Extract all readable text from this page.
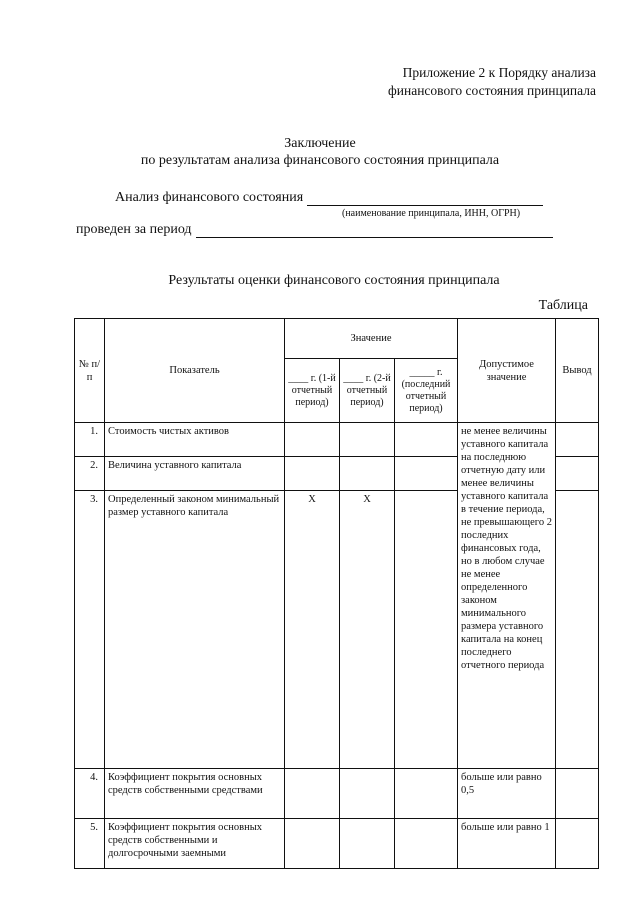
Приложение 2 к Порядку анализа
финансового состояния принципала
Заключение
по результатам анализа финансового состояния принципала
Анализ финансового состояния
(наименование принципала, ИНН, ОГРН)
проведен за период
Результаты оценки финансового состояния принципала
Таблица
№ п/п	Показатель	Значение			Допустимое значение	Вывод
		____ г. (1-й отчетный период)	____ г. (2-й отчетный период)	_____ г. (последний отчетный период)		
1.	Стоимость чистых активов				не менее величины уставного капитала на последнюю отчетную дату или менее величины уставного капитала в течение периода, не превышающего 2 последних финансовых года, но в любом случае не менее определенного законом минимального размера уставного капитала на конец последнего отчетного периода	
2.	Величина уставного капитала					
3.	Определенный законом минимальный размер уставного капитала	X	X			
4.	Коэффициент покрытия основных средств собственными средствами				больше или равно 0,5	
5.	Коэффициент покрытия основных средств собственными и долгосрочными заемными				больше или равно 1	
